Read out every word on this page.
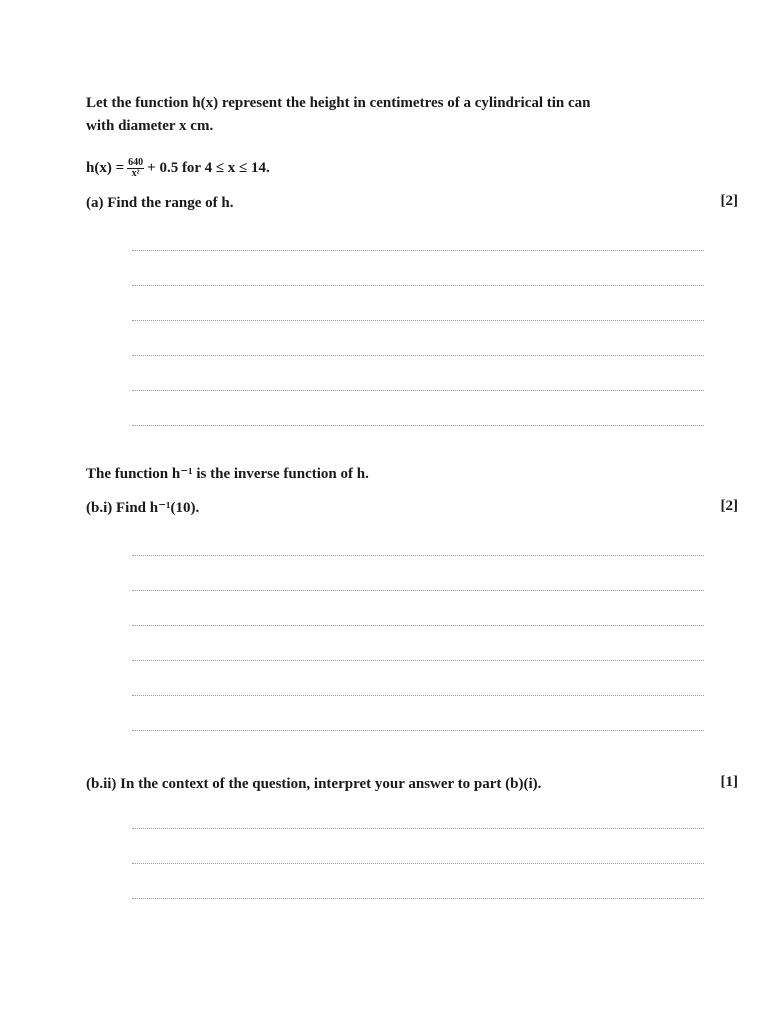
Let the function h(x) represent the height in centimetres of a cylindrical tin can
with diameter x cm.
$h(x) = \frac{640}{\text{x²}} + 0.5$ for 4 ≤ x ≤ 14.
(a) Find the range of h.	[2]
The function h⁻¹ is the inverse function of h.
(b.i) Find h⁻¹(10).	[2]
(b.ii) In the context of the question, interpret your answer to part (b)(i).	[1]
